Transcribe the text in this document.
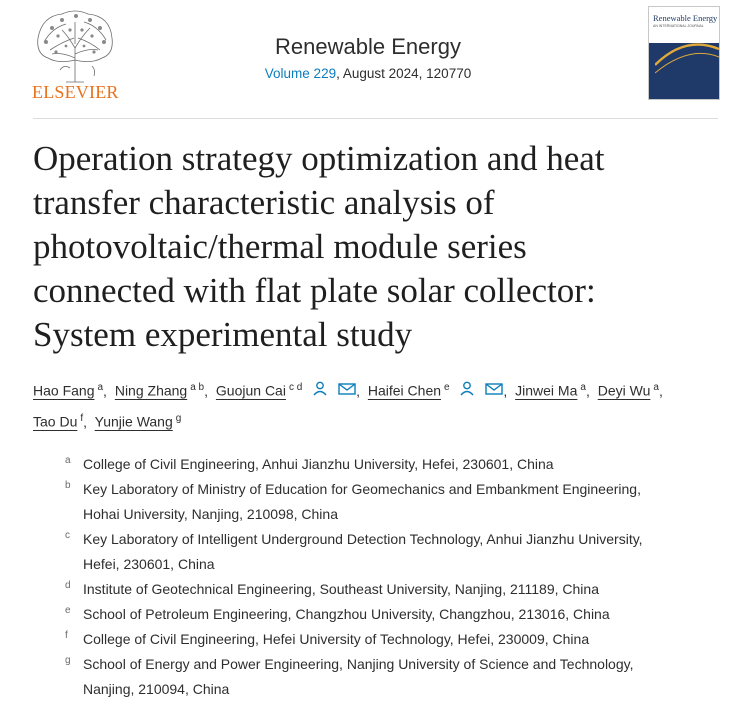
ELSEVIER
Renewable Energy
Volume 229, August 2024, 120770
Renewable Energy
AN INTERNATIONAL JOURNAL
Operation strategy optimization and heat
transfer characteristic analysis of
photovoltaic/thermal module series
connected with flat plate solar collector:
System experimental study
Hao Fang $^a$, Ning Zhang $^{a b}$, Guojun Cai $^{c d}$	, Haifei Chen $^e$	, Jinwei Ma $^a$, Deyi Wu $^a$,
Tao Du $^f$, Yunjie Wang $^g$
a College of Civil Engineering, Anhui Jianzhu University, Hefei, 230601, China
b Key Laboratory of Ministry of Education for Geomechanics and Embankment Engineering,
Hohai University, Nanjing, 210098, China
c Key Laboratory of Intelligent Underground Detection Technology, Anhui Jianzhu University,
Hefei, 230601, China
d Institute of Geotechnical Engineering, Southeast University, Nanjing, 211189, China
e School of Petroleum Engineering, Changzhou University, Changzhou, 213016, China
f College of Civil Engineering, Hefei University of Technology, Hefei, 230009, China
g School of Energy and Power Engineering, Nanjing University of Science and Technology,
Nanjing, 210094, China
